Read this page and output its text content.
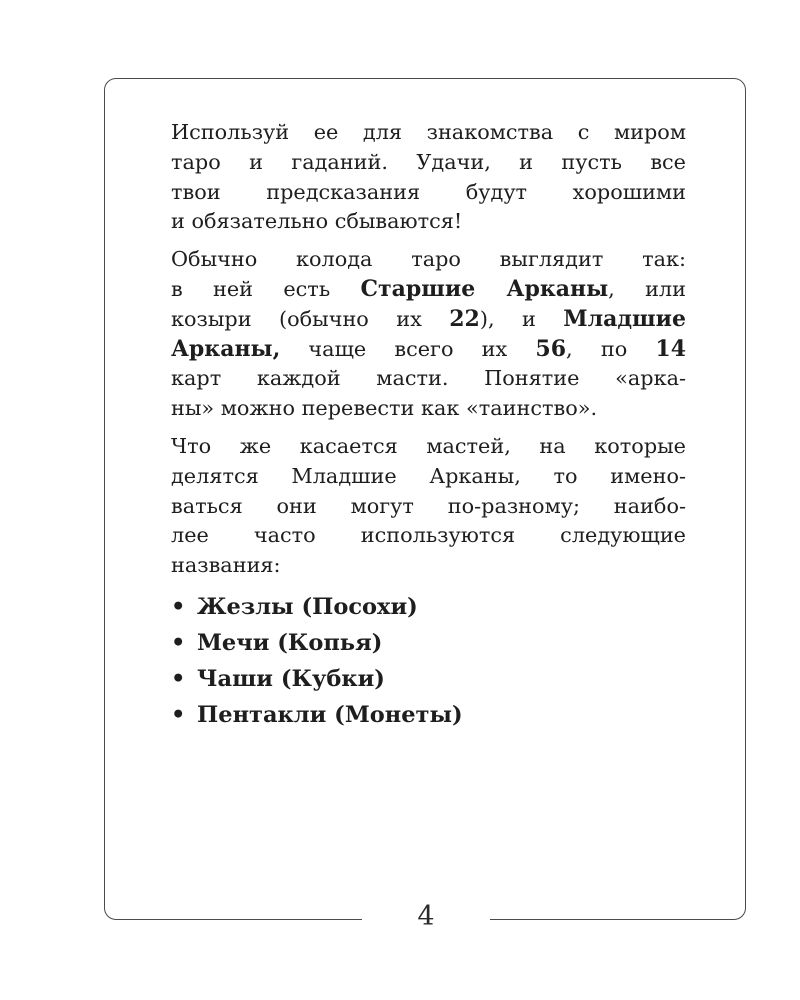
4

Используй ее для знакомства с миром
таро и гаданий. Удачи, и пусть все
твои предсказания будут хорошими
и обязательно сбываются!

Обычно колода таро выглядит так:
в ней есть Старшие Арканы, или
козыри (обычно их 22), и Младшие
Арканы, чаще всего их 56, по 14
карт каждой масти. Понятие «арка-
ны» можно перевести как «таинство».

Что же касается мастей, на которые
делятся Младшие Арканы, то имено-
ваться они могут по-разному; наибо-
лее часто используются следующие
названия:

• Жезлы (Посохи)
• Мечи (Копья)
• Чаши (Кубки)
• Пентакли (Монеты)
